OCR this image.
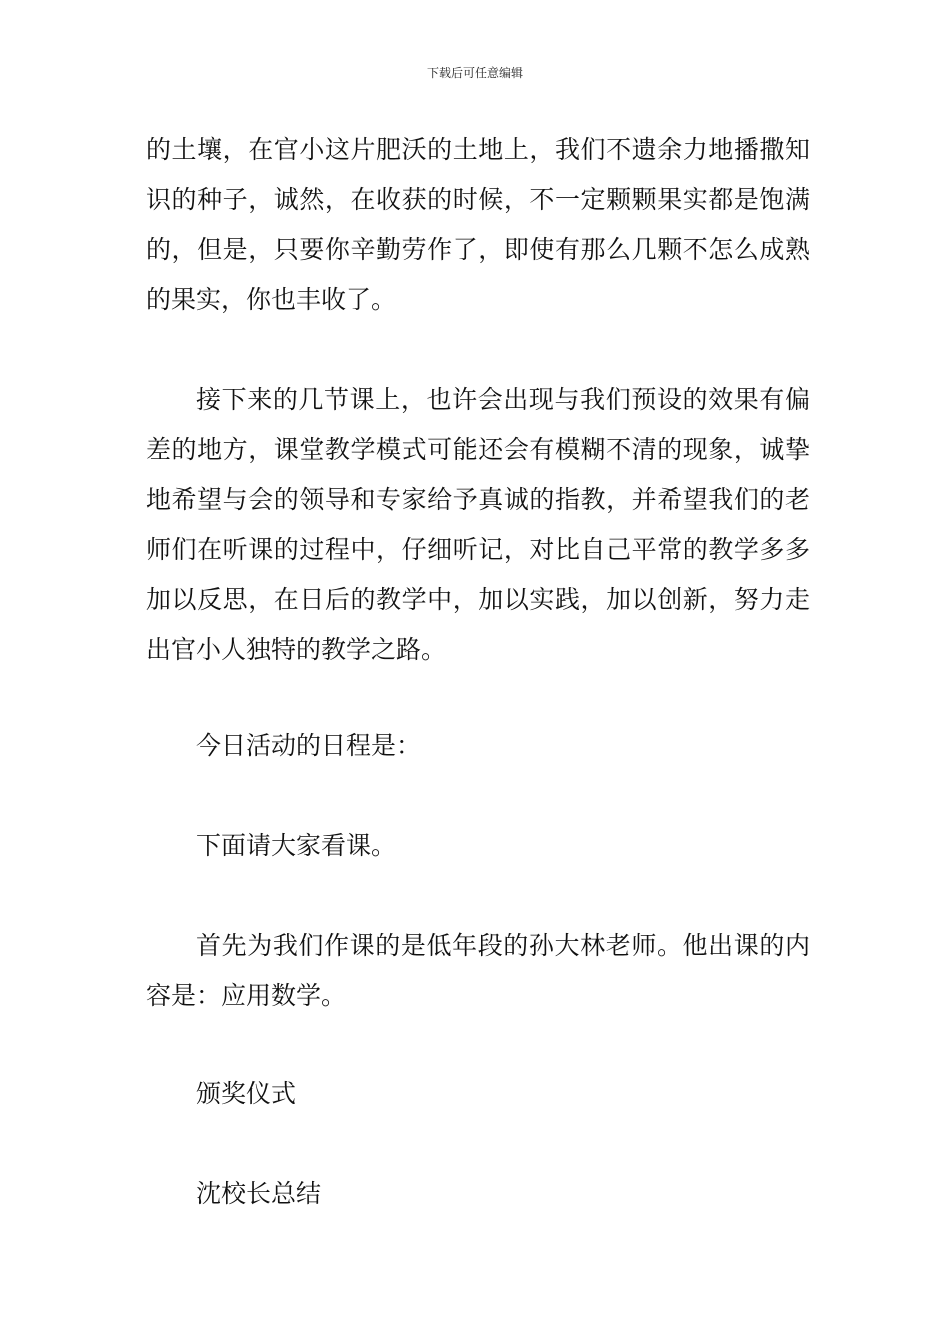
下载后可任意编辑

的土壤，在官小这片肥沃的土地上，我们不遗余力地播撒知识的种子，诚然，在收获的时候，不一定颗颗果实都是饱满的，但是，只要你辛勤劳作了，即使有那么几颗不怎么成熟的果实，你也丰收了。

接下来的几节课上，也许会出现与我们预设的效果有偏差的地方，课堂教学模式可能还会有模糊不清的现象，诚挚地希望与会的领导和专家给予真诚的指教，并希望我们的老师们在听课的过程中，仔细听记，对比自己平常的教学多多加以反思，在日后的教学中，加以实践，加以创新，努力走出官小人独特的教学之路。

今日活动的日程是：

下面请大家看课。

首先为我们作课的是低年段的孙大林老师。他出课的内容是：应用数学。

颁奖仪式

沈校长总结
